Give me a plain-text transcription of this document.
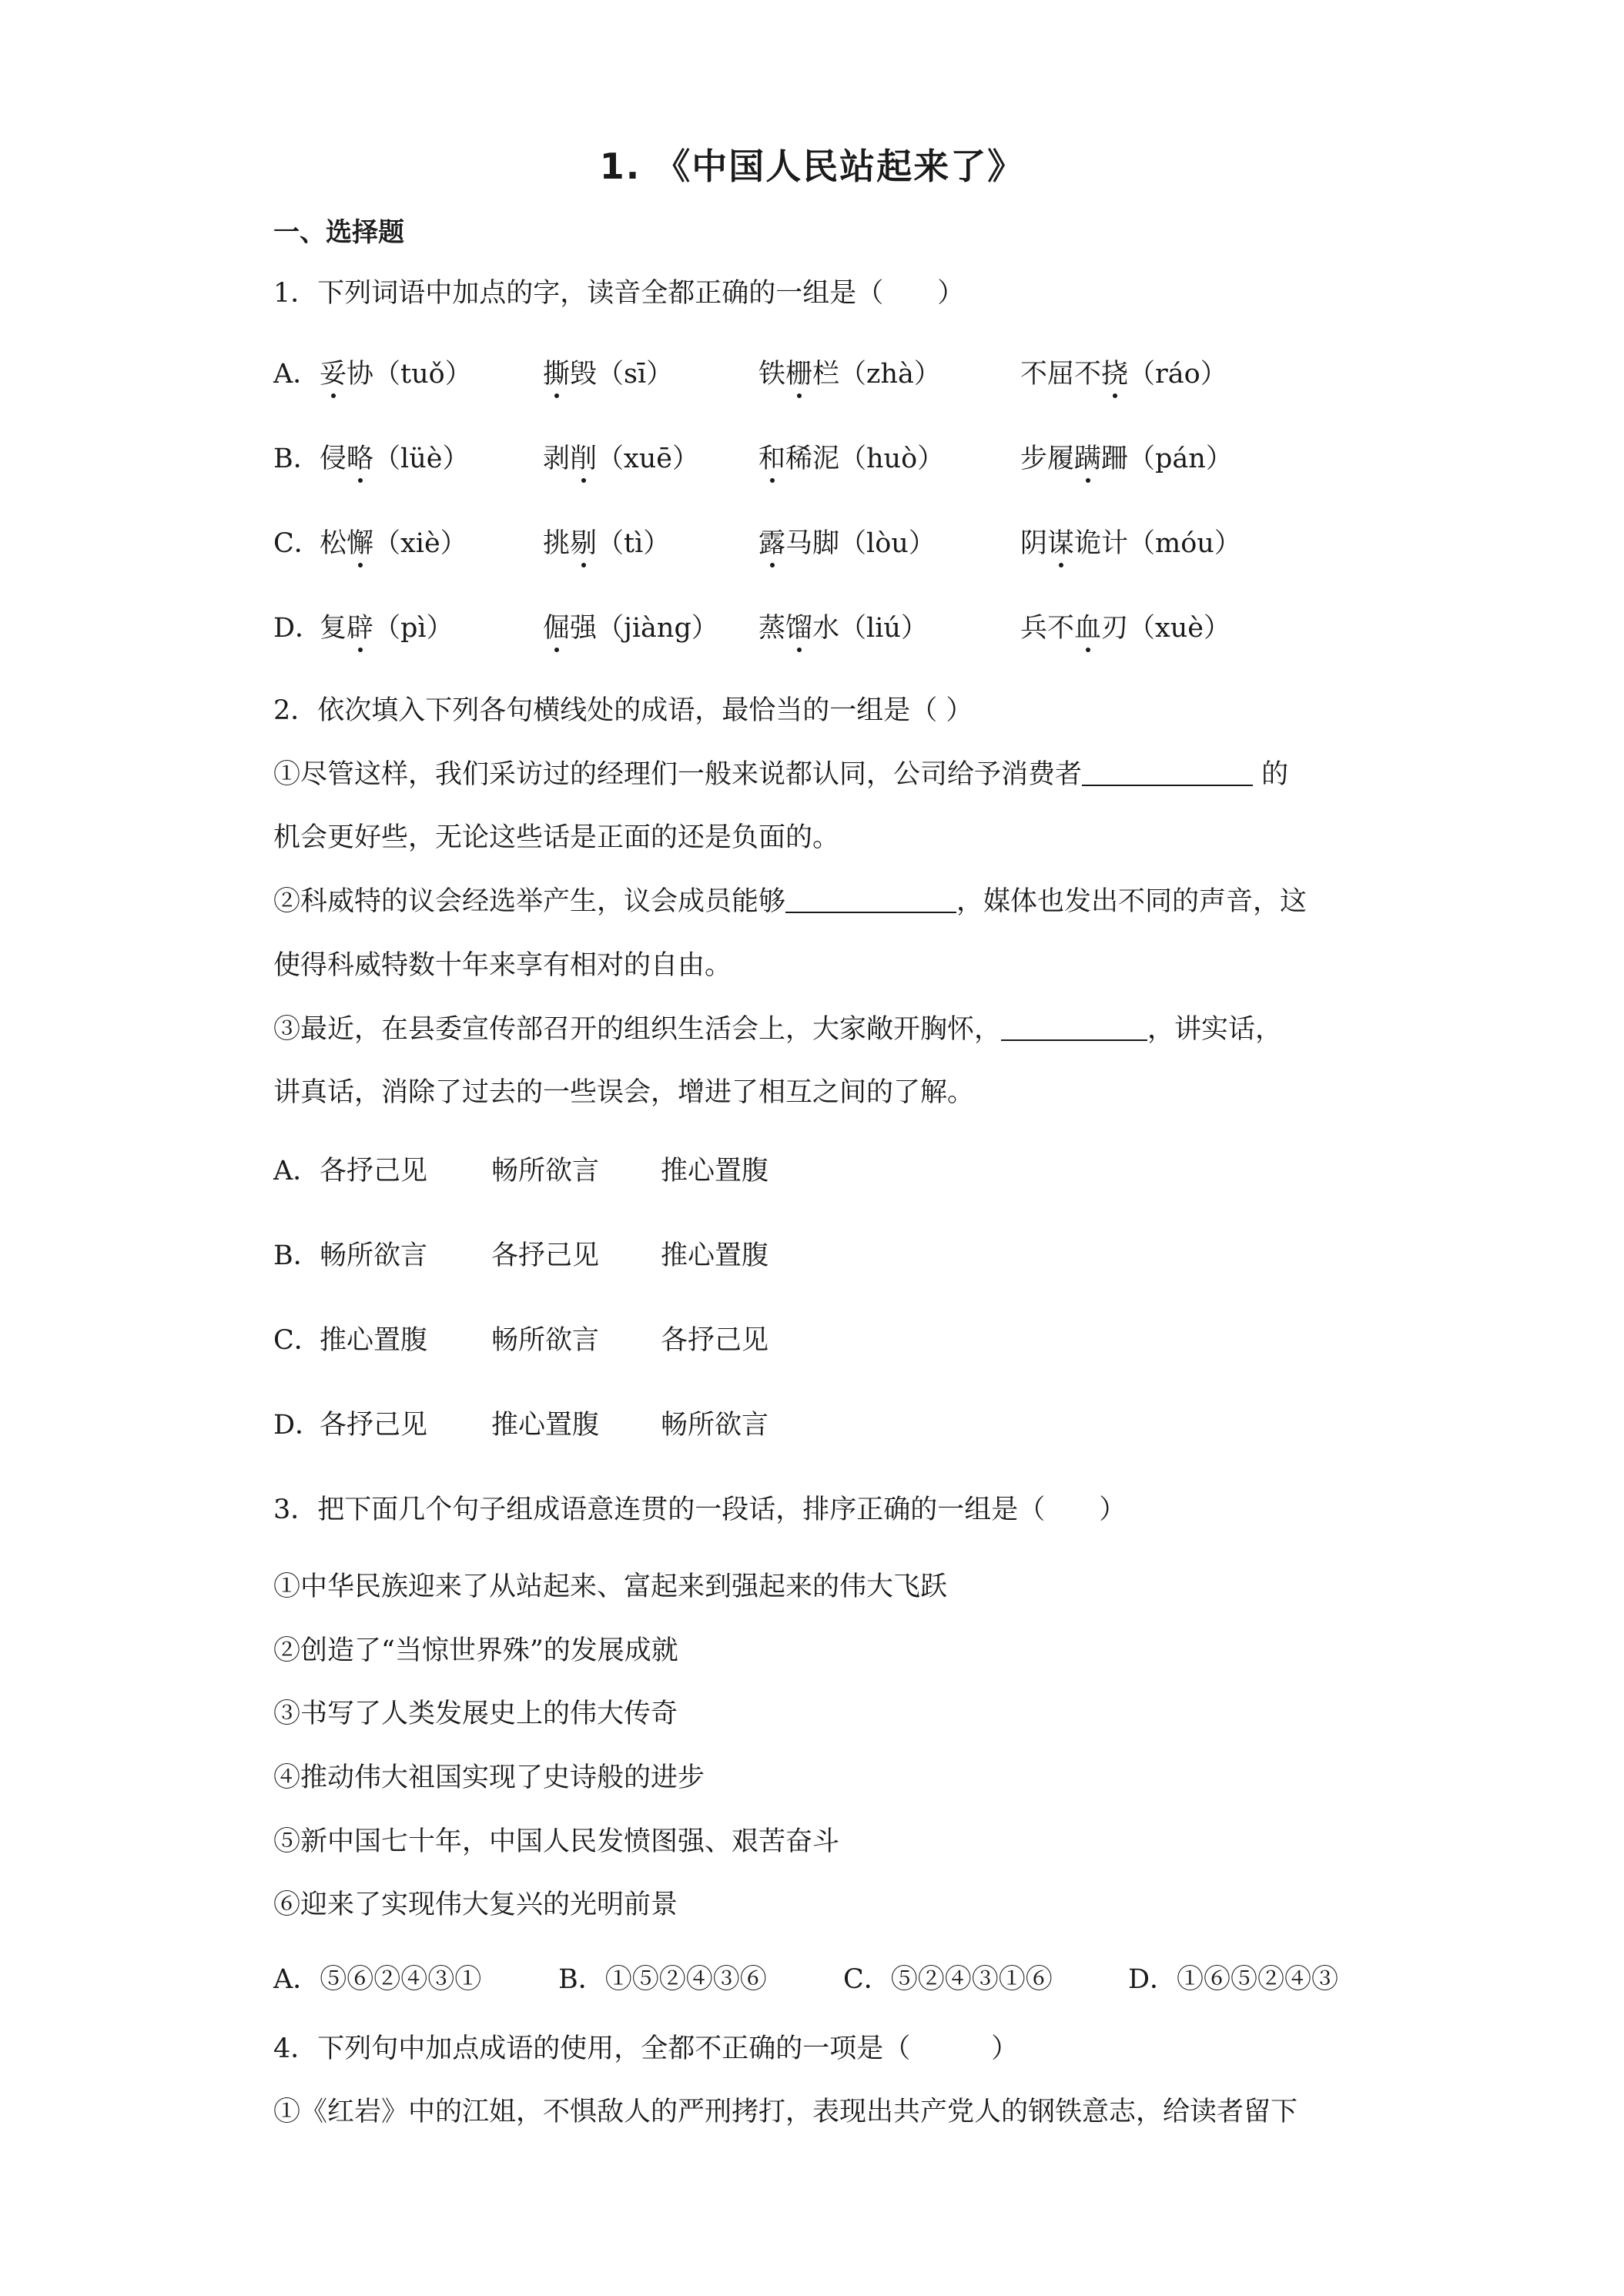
1. 《中国人民站起来了》
一、选择题
1．下列词语中加点的字，读音全都正确的一组是（　　）
A． 妥协（tuǒ）	撕毁（sī）	铁栅栏（zhà）	不屈不挠（ráo）
B． 侵略（lüè）	剥削（xuē） 和稀泥（huò）	步履蹒跚（pán）
C．
松懈（xiè）	挑剔（tì）	露马脚（lòu）	阴谋诡计（móu）
D．
复辟（pì）	倔强（jiàng） 蒸馏水（liú）	兵不血刃（xuè）
2．依次填入下列各句横线处的成语，最恰当的一组是（ ）
①尽管这样，我们采访过的经理们一般来说都认同，公司给予消费者	的
机会更好些，无论这些话是正面的还是负面的。
②科威特的议会经选举产生，议会成员能够	，媒体也发出不同的声音，这
使得科威特数十年来享有相对的自由。
③最近，在县委宣传部召开的组织生活会上，大家敞开胸怀，	，讲实话，
讲真话，消除了过去的一些误会，增进了相互之间的了解。
A． 各抒己见 畅所欲言 推心置腹
B． 畅所欲言 各抒己见 推心置腹
C．
推心置腹 畅所欲言 各抒己见
D．
各抒己见 推心置腹 畅所欲言
3．把下面几个句子组成语意连贯的一段话，排序正确的一组是（　　）
①中华民族迎来了从站起来、富起来到强起来的伟大飞跃
②创造了“当惊世界殊”的发展成就
③书写了人类发展史上的伟大传奇
④推动伟大祖国实现了史诗般的进步
⑤新中国七十年，中国人民发愤图强、艰苦奋斗
⑥迎来了实现伟大复兴的光明前景
A．⑤⑥②④③①	B．①⑤②④③⑥	C．⑤②④③①⑥	D．①⑥⑤②④③
4．下列句中加点成语的使用，全都不正确的一项是（　　　）
①《红岩》中的江姐，不惧敌人的严刑拷打，表现出共产党人的钢铁意志，给读者留下
